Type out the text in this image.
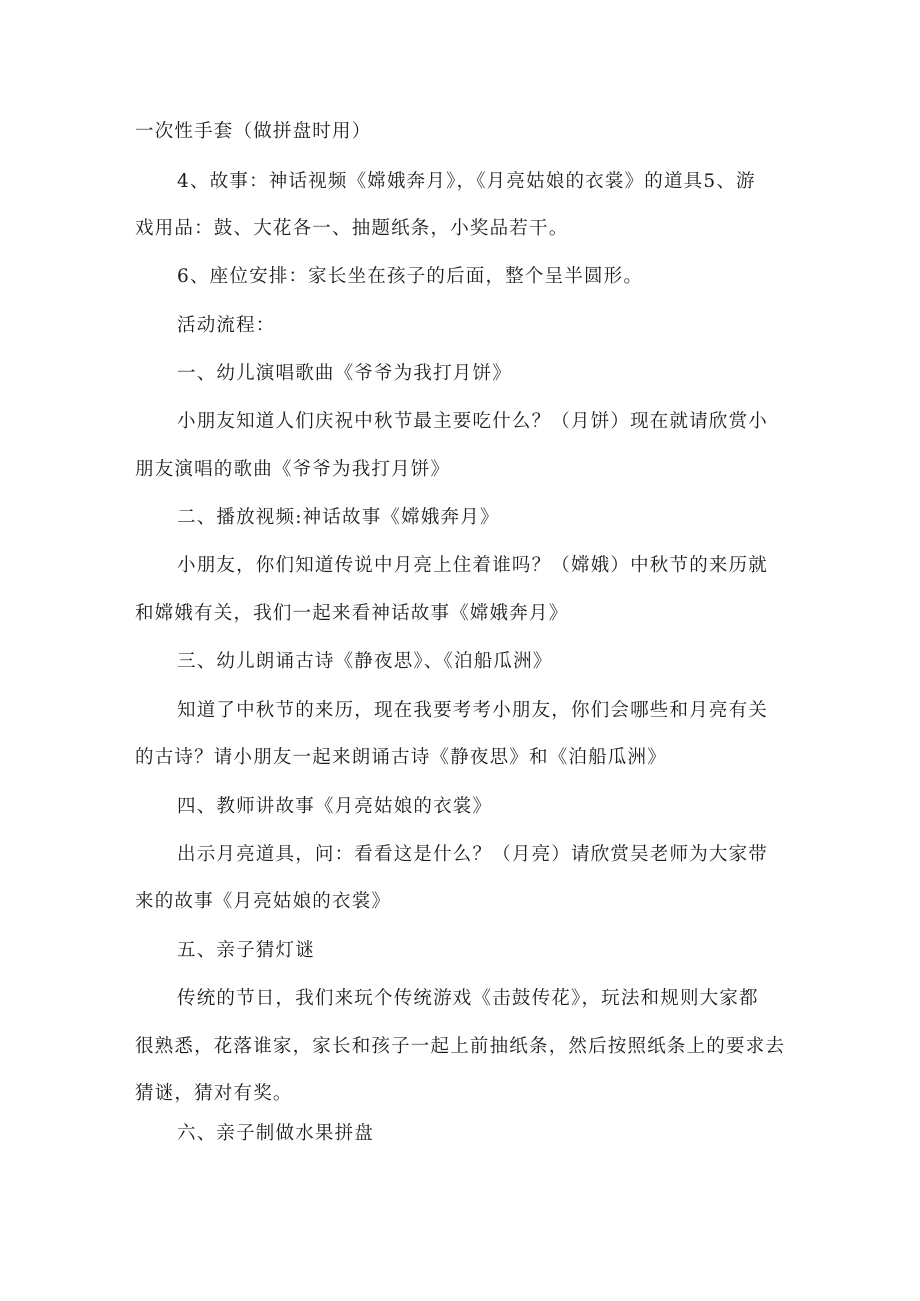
一次性手套（做拼盘时用）
4、故事：神话视频《嫦娥奔月》，《月亮姑娘的衣裳》的道具5、游
戏用品：鼓、大花各一、抽题纸条，小奖品若干。
6、座位安排：家长坐在孩子的后面，整个呈半圆形。
活动流程：
一、幼儿演唱歌曲《爷爷为我打月饼》
小朋友知道人们庆祝中秋节最主要吃什么？（月饼）现在就请欣赏小
朋友演唱的歌曲《爷爷为我打月饼》
二、播放视频:神话故事《嫦娥奔月》
小朋友，你们知道传说中月亮上住着谁吗？（嫦娥）中秋节的来历就
和嫦娥有关，我们一起来看神话故事《嫦娥奔月》
三、幼儿朗诵古诗《静夜思》、《泊船瓜洲》
知道了中秋节的来历，现在我要考考小朋友，你们会哪些和月亮有关
的古诗？请小朋友一起来朗诵古诗《静夜思》和《泊船瓜洲》
四、教师讲故事《月亮姑娘的衣裳》
出示月亮道具，问：看看这是什么？（月亮）请欣赏吴老师为大家带
来的故事《月亮姑娘的衣裳》
五、亲子猜灯谜
传统的节日，我们来玩个传统游戏《击鼓传花》，玩法和规则大家都
很熟悉，花落谁家，家长和孩子一起上前抽纸条，然后按照纸条上的要求去
猜谜，猜对有奖。
六、亲子制做水果拼盘
